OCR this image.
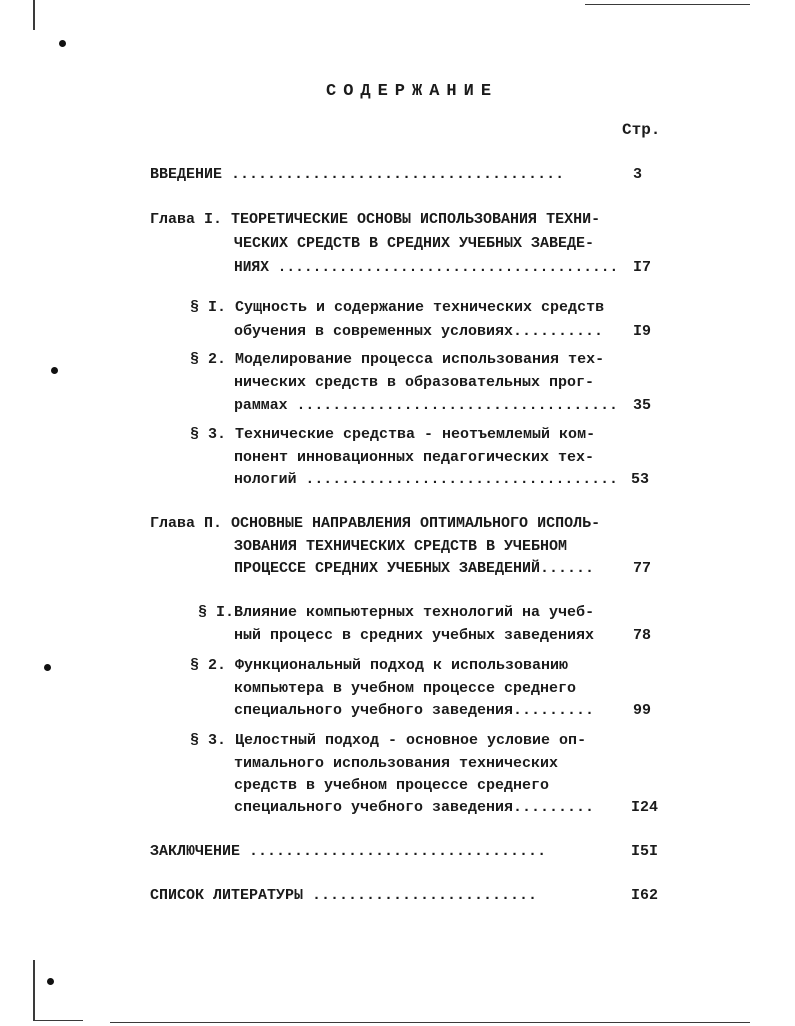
СОДЕРЖАНИЕ
Стр.
ВВЕДЕНИЕ .....................................	3
Глава I. ТЕОРЕТИЧЕСКИЕ ОСНОВЫ ИСПОЛЬЗОВАНИЯ ТЕХНИ-
ЧЕСКИХ СРЕДСТВ В СРЕДНИХ УЧЕБНЫХ ЗАВЕДЕ-
НИЯХ ....................................... I7
§ I. Сущность и содержание технических средств
обучения в современных условиях.......... I9
§ 2. Моделирование процесса использования тех-
нических средств в образовательных прог-
раммах .................................... 35
§ 3. Технические средства - неотъемлемый ком-
понент инновационных педагогических тех-
нологий ................................... 53
Глава П. ОСНОВНЫЕ НАПРАВЛЕНИЯ ОПТИМАЛЬНОГО ИСПОЛЬ-
ЗОВАНИЯ ТЕХНИЧЕСКИХ СРЕДСТВ В УЧЕБНОМ
ПРОЦЕССЕ СРЕДНИХ УЧЕБНЫХ ЗАВЕДЕНИЙ......	77
§ I.Влияние компьютерных технологий на учеб-
ный процесс в средних учебных заведениях	78
§ 2. Функциональный подход к использованию
компьютера в учебном процессе среднего
специального учебного заведения.........	99
§ 3. Целостный подход - основное условие оп-
тимального использования технических
средств в учебном процессе среднего
специального учебного заведения......... I24
ЗАКЛЮЧЕНИЕ .................................	I5I
СПИСОК ЛИТЕРАТУРЫ .........................	I62
